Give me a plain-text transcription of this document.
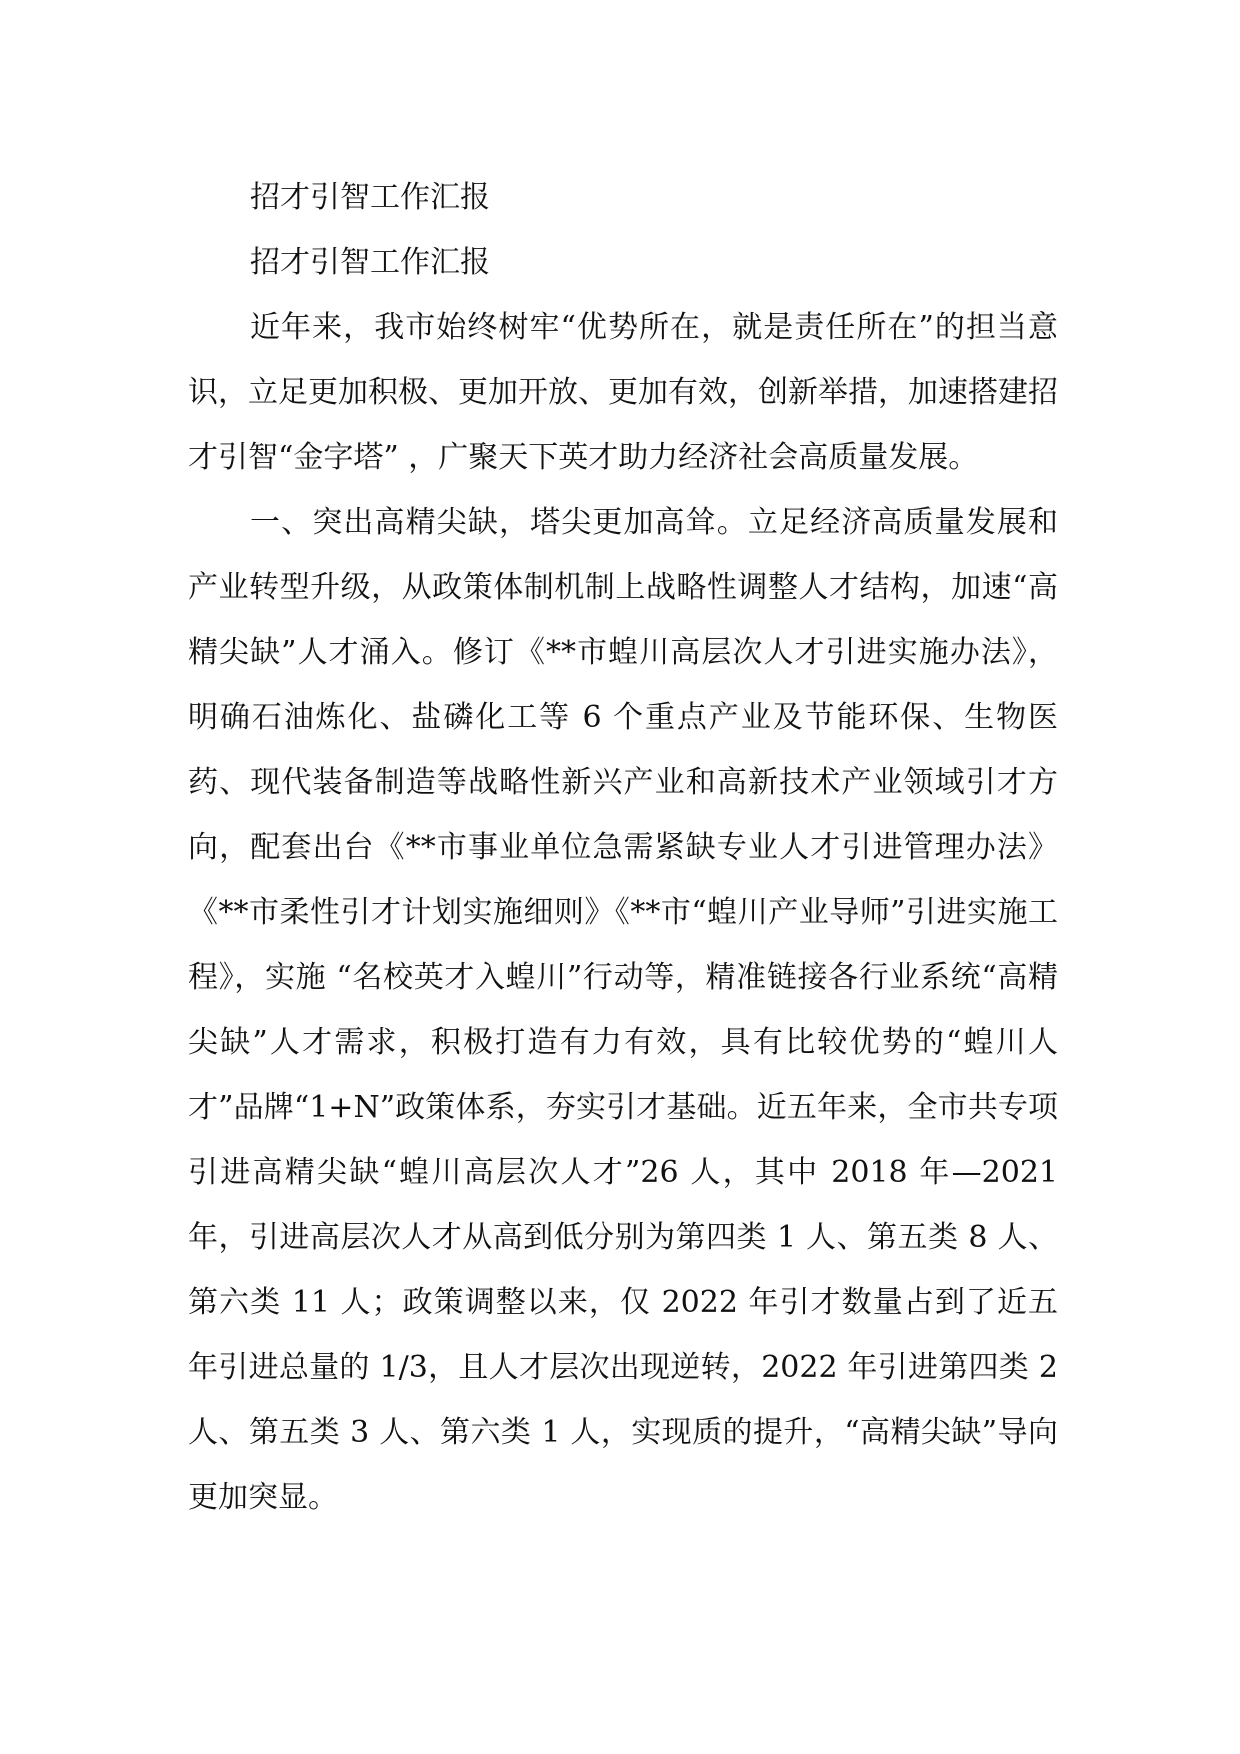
招才引智工作汇报

招才引智工作汇报

近年来，我市始终树牢“优势所在，就是责任所在”的担当意识，立足更加积极、更加开放、更加有效，创新举措，加速搭建招才引智“金字塔” ，广聚天下英才助力经济社会高质量发展。

一、突出高精尖缺，塔尖更加高耸。立足经济高质量发展和产业转型升级，从政策体制机制上战略性调整人才结构，加速“高精尖缺”人才涌入。修订《**市蝗川高层次人才引进实施办法》，明确石油炼化、盐磷化工等 6 个重点产业及节能环保、生物医药、现代装备制造等战略性新兴产业和高新技术产业领域引才方向，配套出台《**市事业单位急需紧缺专业人才引进管理办法》《**市柔性引才计划实施细则》《**市“蝗川产业导师”引进实施工程》，实施 “名校英才入蝗川”行动等，精准链接各行业系统“高精尖缺”人才需求，积极打造有力有效，具有比较优势的“蝗川人才”品牌“1+N”政策体系，夯实引才基础。近五年来，全市共专项引进高精尖缺“蝗川高层次人才”26 人，其中 2018 年—2021 年，引进高层次人才从高到低分别为第四类 1 人、第五类 8 人、第六类 11 人；政策调整以来，仅 2022 年引才数量占到了近五年引进总量的 1/3，且人才层次出现逆转，2022 年引进第四类 2 人、第五类 3 人、第六类 1 人，实现质的提升，“高精尖缺”导向更加突显。
